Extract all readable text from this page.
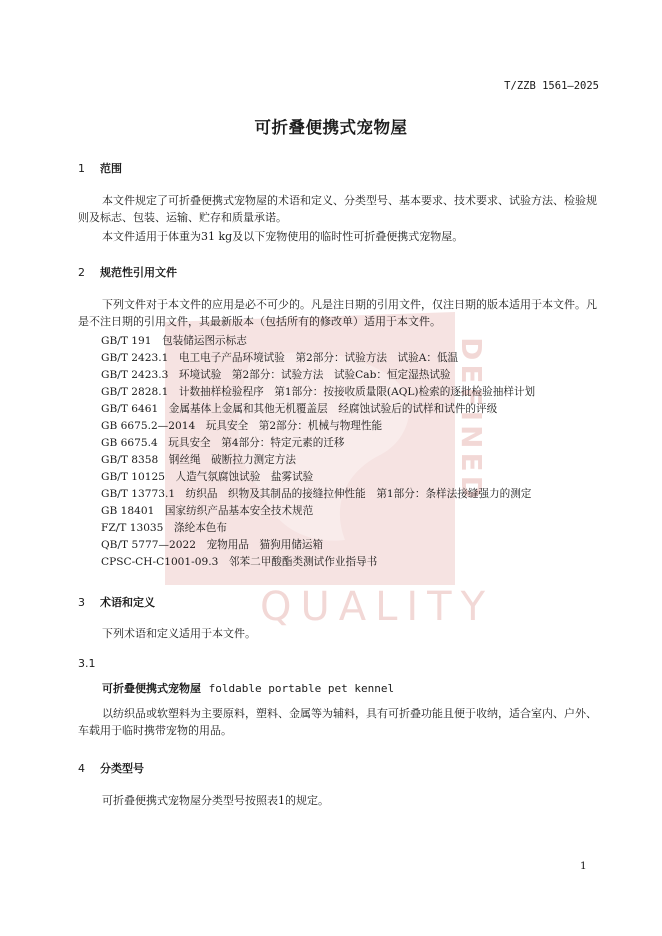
QUALITY
DEFINED
T/ZZB 1561—2025
可折叠便携式宠物屋
1 范围
本文件规定了可折叠便携式宠物屋的术语和定义、分类型号、基本要求、技术要求、试验方法、检验规则及标志、包装、运输、贮存和质量承诺。
本文件适用于体重为31 kg及以下宠物使用的临时性可折叠便携式宠物屋。
2 规范性引用文件
下列文件对于本文件的应用是必不可少的。凡是注日期的引用文件，仅注日期的版本适用于本文件。凡是不注日期的引用文件，其最新版本（包括所有的修改单）适用于本文件。
GB/T 191　包装储运图示标志
GB/T 2423.1　电工电子产品环境试验　第2部分：试验方法　试验A：低温
GB/T 2423.3　环境试验　第2部分：试验方法　试验Cab：恒定湿热试验
GB/T 2828.1　计数抽样检验程序　第1部分：按接收质量限(AQL)检索的逐批检验抽样计划
GB/T 6461　金属基体上金属和其他无机覆盖层　经腐蚀试验后的试样和试件的评级
GB 6675.2—2014　玩具安全　第2部分：机械与物理性能
GB 6675.4　玩具安全　第4部分：特定元素的迁移
GB/T 8358　钢丝绳　破断拉力测定方法
GB/T 10125　人造气氛腐蚀试验　盐雾试验
GB/T 13773.1　纺织品　织物及其制品的接缝拉伸性能　第1部分：条样法接缝强力的测定
GB 18401　国家纺织产品基本安全技术规范
FZ/T 13035　涤纶本色布
QB/T 5777—2022　宠物用品　猫狗用储运箱
CPSC-CH-C1001-09.3　邻苯二甲酸酯类测试作业指导书
3 术语和定义
下列术语和定义适用于本文件。
3.1
可折叠便携式宠物屋 foldable portable pet kennel
以纺织品或软塑料为主要原料，塑料、金属等为辅料，具有可折叠功能且便于收纳，适合室内、户外、车载用于临时携带宠物的用品。
4 分类型号
可折叠便携式宠物屋分类型号按照表1的规定。
1
